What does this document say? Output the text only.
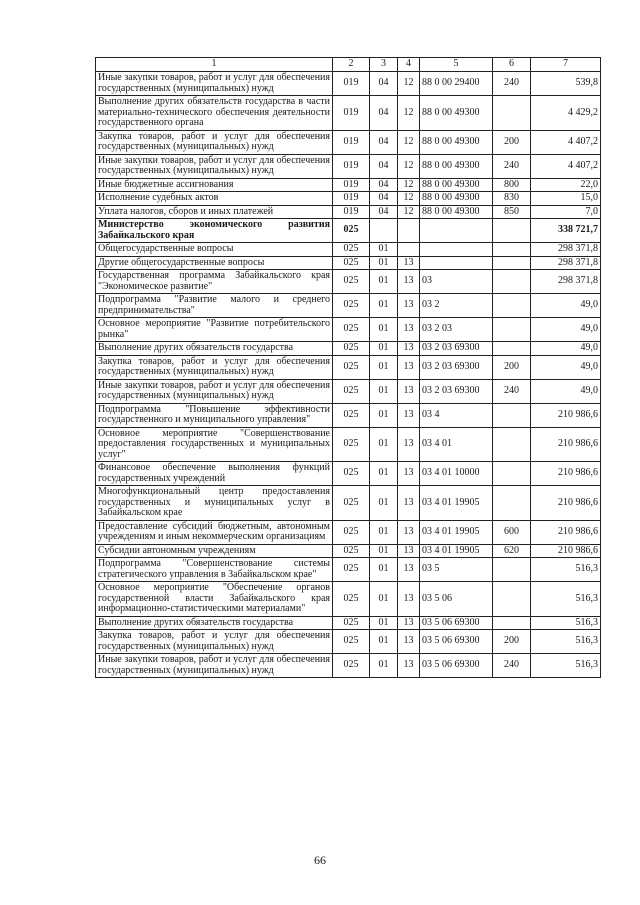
1	2	3	4	5	6	7
Иные закупки товаров, работ и услуг для обеспечения государственных (муниципальных) нужд	019	04	12	88 0 00 29400	240	539,8
Выполнение других обязательств государства в части материально-технического обеспечения деятельности государственного органа	019	04	12	88 0 00 49300		4 429,2
Закупка товаров, работ и услуг для обеспечения государственных (муниципальных) нужд	019	04	12	88 0 00 49300	200	4 407,2
Иные закупки товаров, работ и услуг для обеспечения государственных (муниципальных) нужд	019	04	12	88 0 00 49300	240	4 407,2
Иные бюджетные ассигнования	019	04	12	88 0 00 49300	800	22,0
Исполнение судебных актов	019	04	12	88 0 00 49300	830	15,0
Уплата налогов, сборов и иных платежей	019	04	12	88 0 00 49300	850	7,0
Министерство экономического развития Забайкальского края	025					338 721,7
Общегосударственные вопросы	025	01				298 371,8
Другие общегосударственные вопросы	025	01	13			298 371,8
Государственная программа Забайкальского края "Экономическое развитие"	025	01	13	03		298 371,8
Подпрограмма "Развитие малого и среднего предпринимательства"	025	01	13	03 2		49,0
Основное мероприятие "Развитие потребительского рынка"	025	01	13	03 2 03		49,0
Выполнение других обязательств государства	025	01	13	03 2 03 69300		49,0
Закупка товаров, работ и услуг для обеспечения государственных (муниципальных) нужд	025	01	13	03 2 03 69300	200	49,0
Иные закупки товаров, работ и услуг для обеспечения государственных (муниципальных) нужд	025	01	13	03 2 03 69300	240	49,0
Подпрограмма "Повышение эффективности государственного и муниципального управления"	025	01	13	03 4		210 986,6
Основное мероприятие "Совершенствование предоставления государственных и муниципальных услуг"	025	01	13	03 4 01		210 986,6
Финансовое обеспечение выполнения функций государственных учреждений	025	01	13	03 4 01 10000		210 986,6
Многофункциональный центр предоставления государственных и муниципальных услуг в Забайкальском крае	025	01	13	03 4 01 19905		210 986,6
Предоставление субсидий бюджетным, автономным учреждениям и иным некоммерческим организациям	025	01	13	03 4 01 19905	600	210 986,6
Субсидии автономным учреждениям	025	01	13	03 4 01 19905	620	210 986,6
Подпрограмма "Совершенствование системы стратегического управления в Забайкальском крае"	025	01	13	03 5		516,3
Основное мероприятие "Обеспечение органов государственной власти Забайкальского края информационно-статистическими материалами"	025	01	13	03 5 06		516,3
Выполнение других обязательств государства	025	01	13	03 5 06 69300		516,3
Закупка товаров, работ и услуг для обеспечения государственных (муниципальных) нужд	025	01	13	03 5 06 69300	200	516,3
Иные закупки товаров, работ и услуг для обеспечения государственных (муниципальных) нужд	025	01	13	03 5 06 69300	240	516,3
66
